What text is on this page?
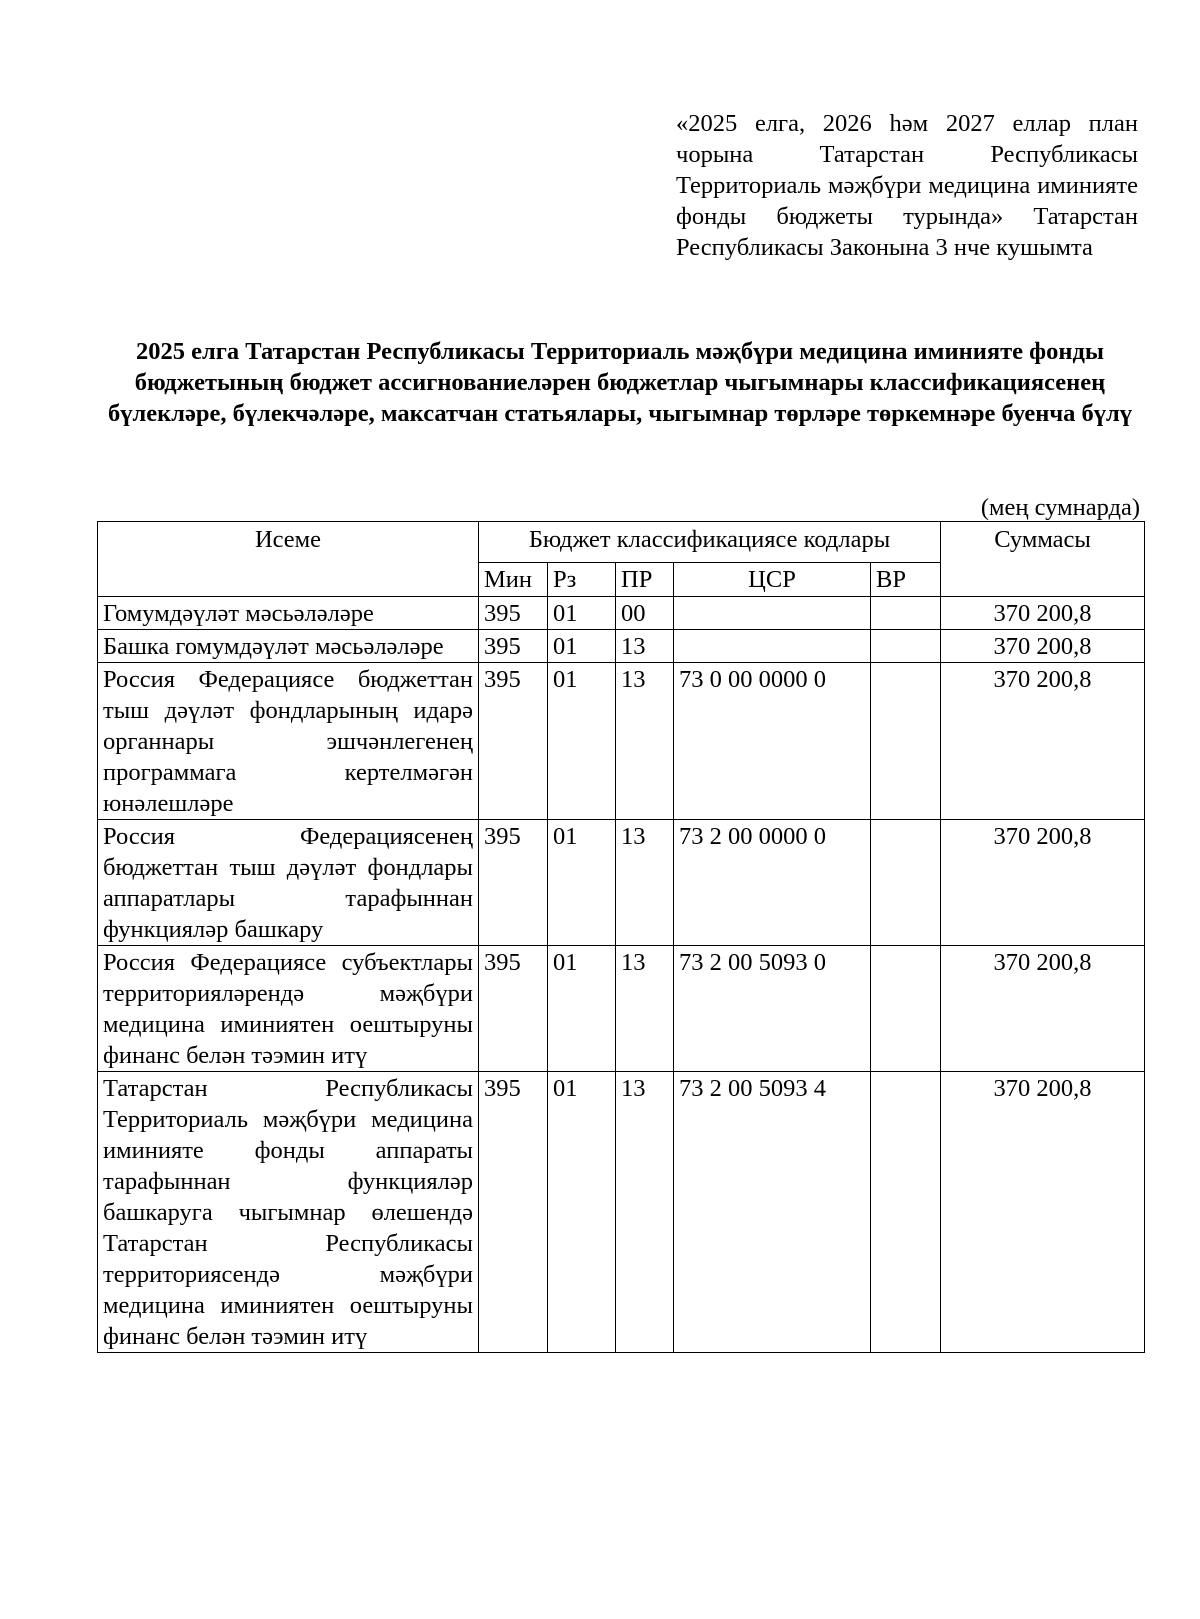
«2025 елга, 2026 һәм 2027 еллар план чорына Татарстан Республикасы Территориаль мәҗбүри медицина иминияте фонды бюджеты турында» Татарстан Республикасы Законына 3 нче кушымта
2025 елга Татарстан Республикасы Территориаль мәҗбүри медицина иминияте фонды бюджетының бюджет ассигнованиеләрен бюджетлар чыгымнары классификациясенең бүлекләре, бүлекчәләре, максатчан статьялары, чыгымнар төрләре төркемнәре буенча бүлү
(мең сумнарда)
Исеме	Бюджет классификациясе кодлары					Суммасы
	Мин	Рз	ПР	ЦСР	ВР	
Гомумдәүләт мәсьәләләре	395	01	00			370 200,8
Башка гомумдәүләт мәсьәләләре	395	01	13			370 200,8
Россия Федерациясе бюджеттан тыш дәүләт фондларының идарә органнары эшчәнлегенең программага кертелмәгән юнәлешләре	395	01	13	73 0 00 0000 0		370 200,8
Россия Федерациясенең бюджеттан тыш дәүләт фондлары аппаратлары тарафыннан функцияләр башкару	395	01	13	73 2 00 0000 0		370 200,8
Россия Федерациясе субъектлары территорияләрендә мәҗбүри медицина иминиятен оештыруны финанс белән тәэмин итү	395	01	13	73 2 00 5093 0		370 200,8
Татарстан Республикасы Территориаль мәҗбүри медицина иминияте фонды аппараты тарафыннан функцияләр башкаруга чыгымнар өлешендә Татарстан Республикасы территориясендә мәҗбүри медицина иминиятен оештыруны финанс белән тәэмин итү	395	01	13	73 2 00 5093 4		370 200,8
